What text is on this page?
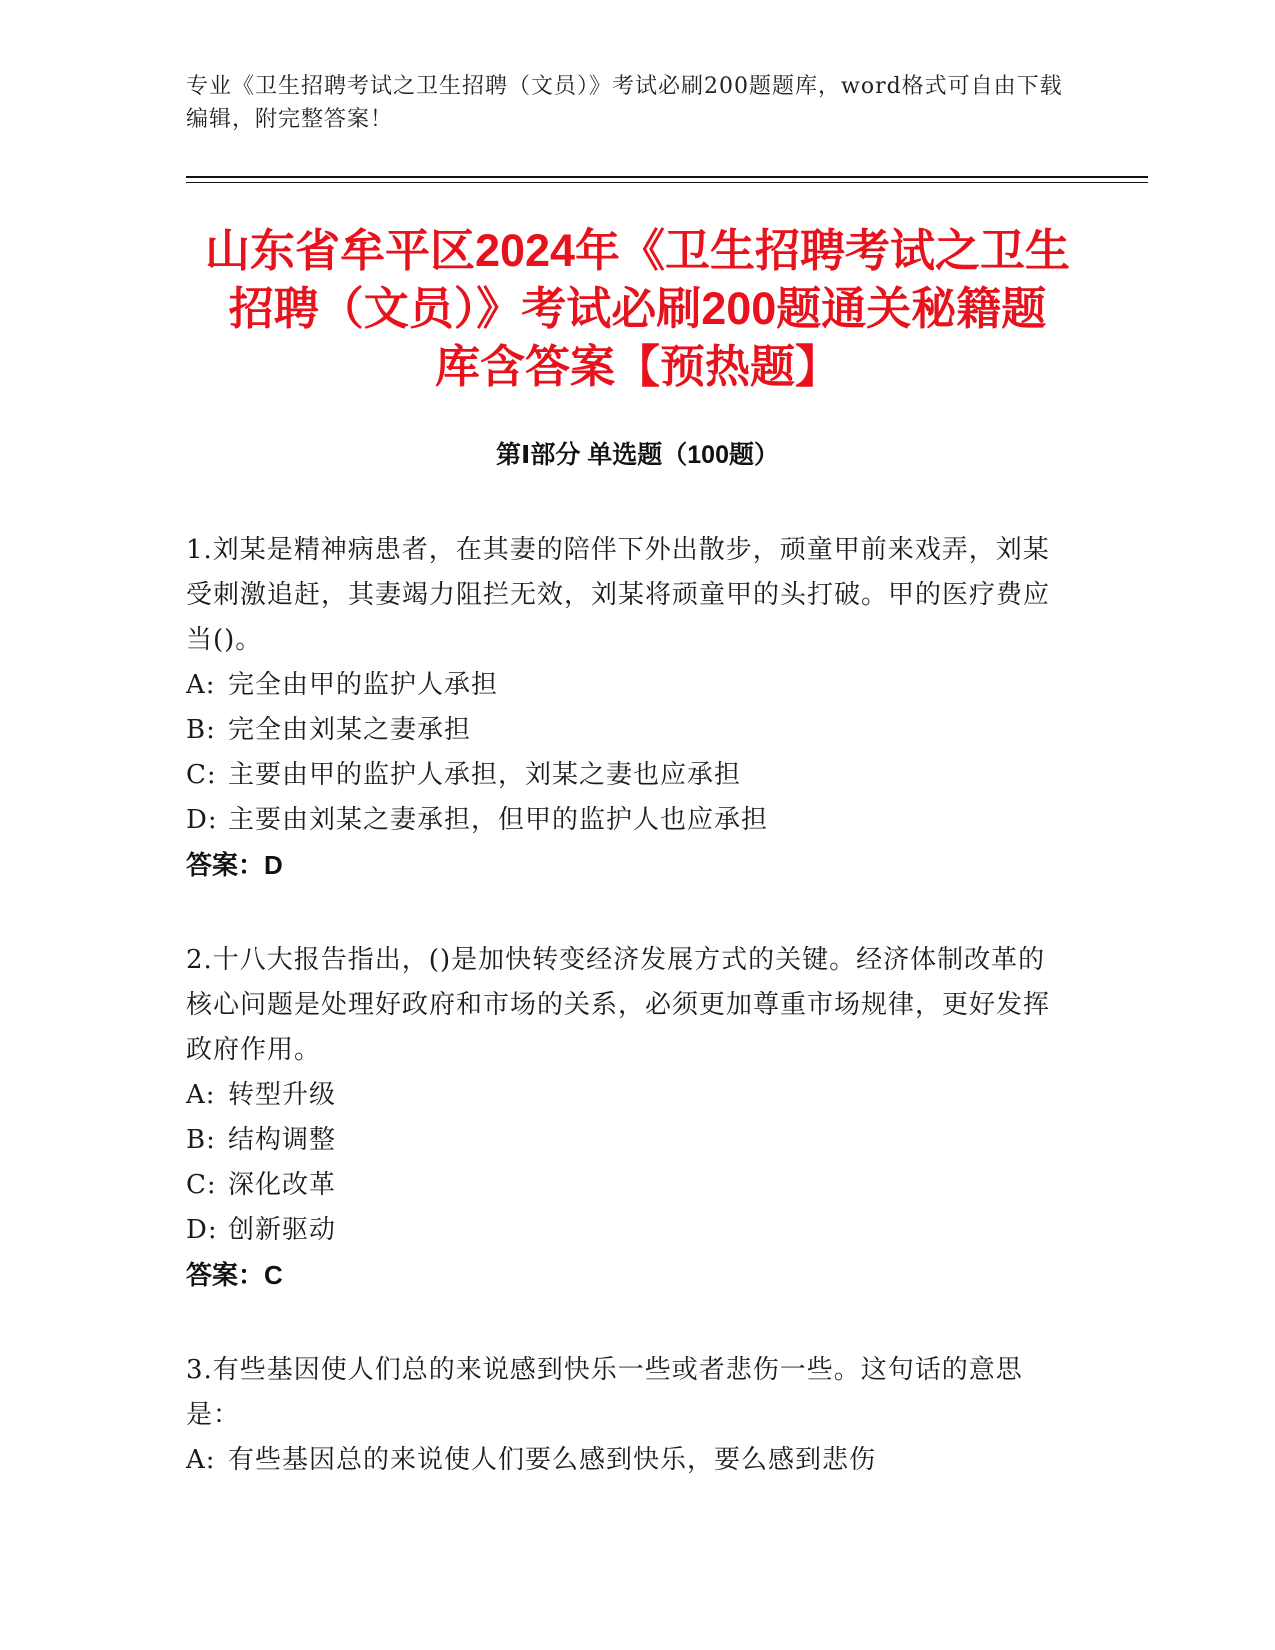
专业《卫生招聘考试之卫生招聘（文员）》考试必刷200题题库，word格式可自由下载编辑，附完整答案！
山东省牟平区2024年《卫生招聘考试之卫生
招聘（文员）》考试必刷200题通关秘籍题
库含答案【预热题】
第Ⅰ部分 单选题（100题）
1.刘某是精神病患者，在其妻的陪伴下外出散步，顽童甲前来戏弄，刘某受刺激追赶，其妻竭力阻拦无效，刘某将顽童甲的头打破。甲的医疗费应当()。
A: 完全由甲的监护人承担
B: 完全由刘某之妻承担
C: 主要由甲的监护人承担，刘某之妻也应承担
D: 主要由刘某之妻承担，但甲的监护人也应承担
答案：D
2.十八大报告指出，()是加快转变经济发展方式的关键。经济体制改革的核心问题是处理好政府和市场的关系，必须更加尊重市场规律，更好发挥政府作用。
A: 转型升级
B: 结构调整
C: 深化改革
D: 创新驱动
答案：C
3.有些基因使人们总的来说感到快乐一些或者悲伤一些。这句话的意思是：
A: 有些基因总的来说使人们要么感到快乐，要么感到悲伤
